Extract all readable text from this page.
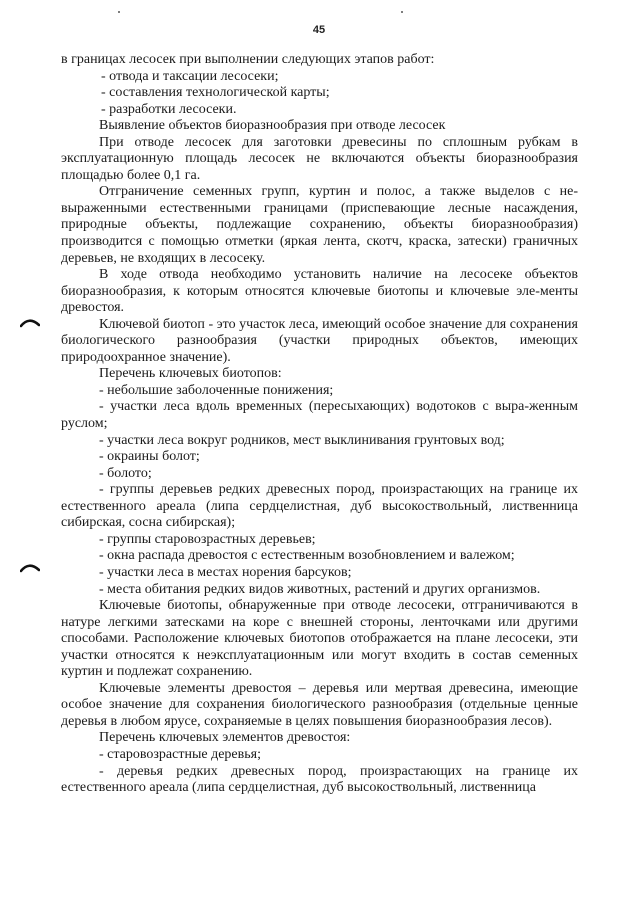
45

в границах лесосек при выполнении следующих этапов работ:

- отвода и таксации лесосеки;

- составления технологической карты;

- разработки лесосеки.

Выявление объектов биоразнообразия при отводе лесосек

При отводе лесосек для заготовки древесины по сплошным рубкам в эксплуатационную площадь лесосек не включаются объекты биоразнообразия площадью более 0,1 га.

Отграничение семенных групп, куртин и полос, а также выделов с не-выраженными естественными границами (приспевающие лесные насаждения, природные объекты, подлежащие сохранению, объекты биоразнообразия) производится с помощью отметки (яркая лента, скотч, краска, затески) граничных деревьев, не входящих в лесосеку.

В ходе отвода необходимо установить наличие на лесосеке объектов биоразнообразия, к которым относятся ключевые биотопы и ключевые эле-менты древостоя.

Ключевой биотоп - это участок леса, имеющий особое значение для сохранения биологического разнообразия (участки природных объектов, имеющих природоохранное значение).

Перечень ключевых биотопов:

- небольшие заболоченные понижения;

- участки леса вдоль временных (пересыхающих) водотоков с выра-женным руслом;

- участки леса вокруг родников, мест выклинивания грунтовых вод;

- окраины болот;

- болото;

- группы деревьев редких древесных пород, произрастающих на границе их естественного ареала (липа сердцелистная, дуб высокоствольный, лиственница сибирская, сосна сибирская);

- группы старовозрастных деревьев;

- окна распада древостоя с естественным возобновлением и валежом;

- участки леса в местах норения барсуков;

- места обитания редких видов животных, растений и других организмов.

Ключевые биотопы, обнаруженные при отводе лесосеки, отграничиваются в натуре легкими затесками на коре с внешней стороны, ленточками или другими способами. Расположение ключевых биотопов отображается на плане лесосеки, эти участки относятся к неэксплуатационным или могут входить в состав семенных куртин и подлежат сохранению.

Ключевые элементы древостоя – деревья или мертвая древесина, имеющие особое значение для сохранения биологического разнообразия (отдельные ценные деревья в любом ярусе, сохраняемые в целях повышения биоразнообразия лесов).

Перечень ключевых элементов древостоя:

- старовозрастные деревья;

- деревья редких древесных пород, произрастающих на границе их естественного ареала (липа сердцелистная, дуб высокоствольный, лиственница
